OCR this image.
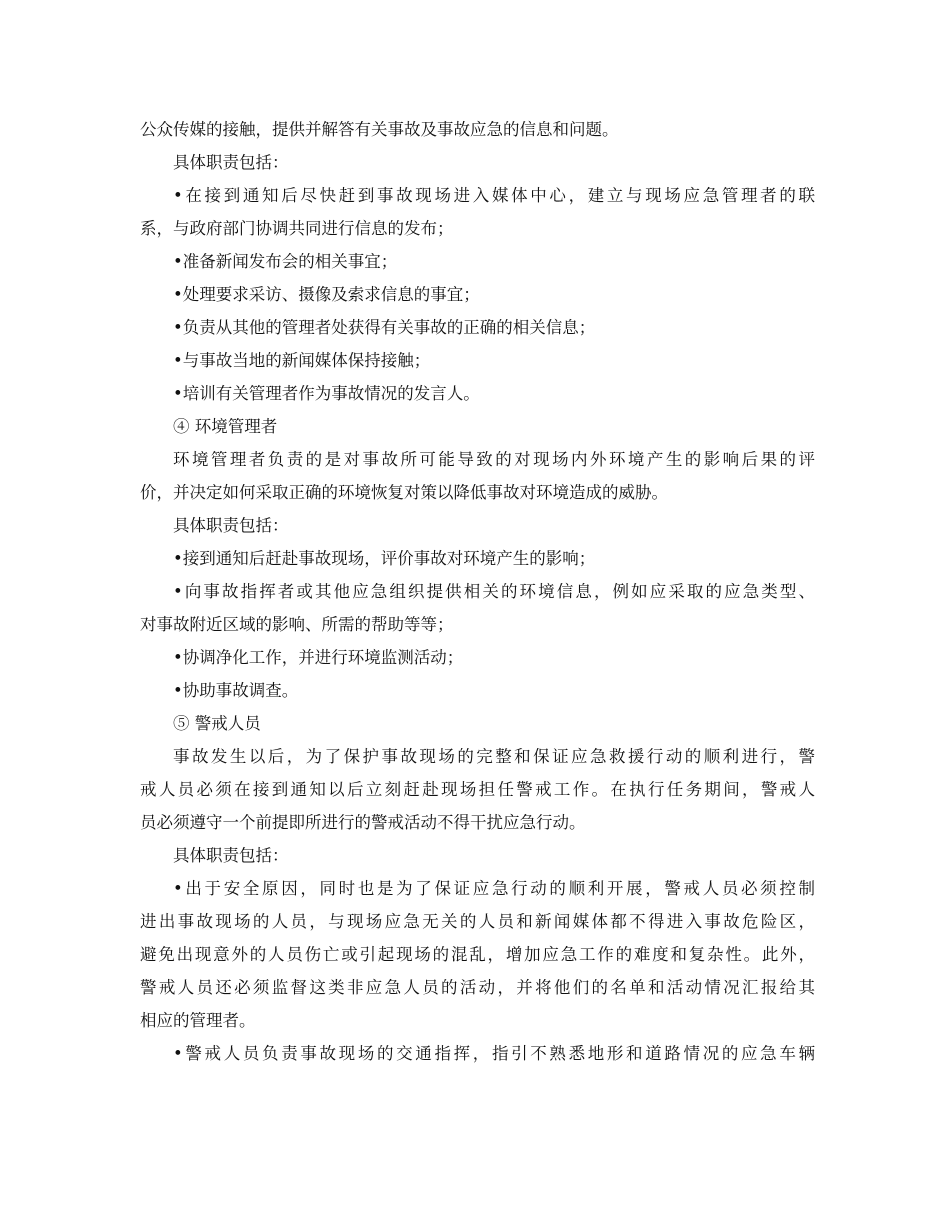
公众传媒的接触，提供并解答有关事故及事故应急的信息和问题。
具体职责包括：
•在接到通知后尽快赶到事故现场进入媒体中心，建立与现场应急管理者的联
系，与政府部门协调共同进行信息的发布；
•准备新闻发布会的相关事宜；
•处理要求采访、摄像及索求信息的事宜；
•负责从其他的管理者处获得有关事故的正确的相关信息；
•与事故当地的新闻媒体保持接触；
•培训有关管理者作为事故情况的发言人。
④ 环境管理者
环境管理者负责的是对事故所可能导致的对现场内外环境产生的影响后果的评
价，并决定如何采取正确的环境恢复对策以降低事故对环境造成的威胁。
具体职责包括：
•接到通知后赶赴事故现场，评价事故对环境产生的影响；
•向事故指挥者或其他应急组织提供相关的环境信息，例如应采取的应急类型、
对事故附近区域的影响、所需的帮助等等；
•协调净化工作，并进行环境监测活动；
•协助事故调查。
⑤ 警戒人员
事故发生以后，为了保护事故现场的完整和保证应急救援行动的顺利进行，警
戒人员必须在接到通知以后立刻赶赴现场担任警戒工作。在执行任务期间，警戒人
员必须遵守一个前提即所进行的警戒活动不得干扰应急行动。
具体职责包括：
•出于安全原因，同时也是为了保证应急行动的顺利开展，警戒人员必须控制
进出事故现场的人员，与现场应急无关的人员和新闻媒体都不得进入事故危险区，
避免出现意外的人员伤亡或引起现场的混乱，增加应急工作的难度和复杂性。此外，
警戒人员还必须监督这类非应急人员的活动，并将他们的名单和活动情况汇报给其
相应的管理者。
•警戒人员负责事故现场的交通指挥，指引不熟悉地形和道路情况的应急车辆
